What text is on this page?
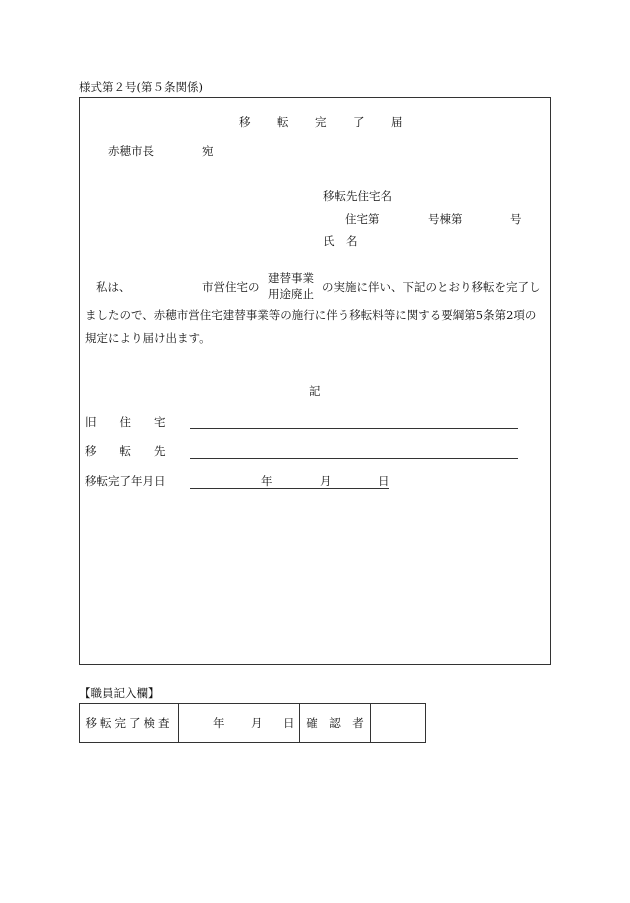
様式第２号(第５条関係)
移 転 完 了 届
赤穂市長	宛
移転先住宅名
住宅第	号棟第	号
氏　名
私は、	市営住宅の
建替事業
用途廃止 の実施に伴い、下記のとおり移転を完了し
ましたので、赤穂市営住宅建替事業等の施行に伴う移転料等に関する要綱第5条第2項の
規定により届け出ます。
記
旧　　住　　宅
移　　転　　先
移転完了年月日	年	月	日
【職員記入欄】
移転完了検査	年 月 日	確　認　者
